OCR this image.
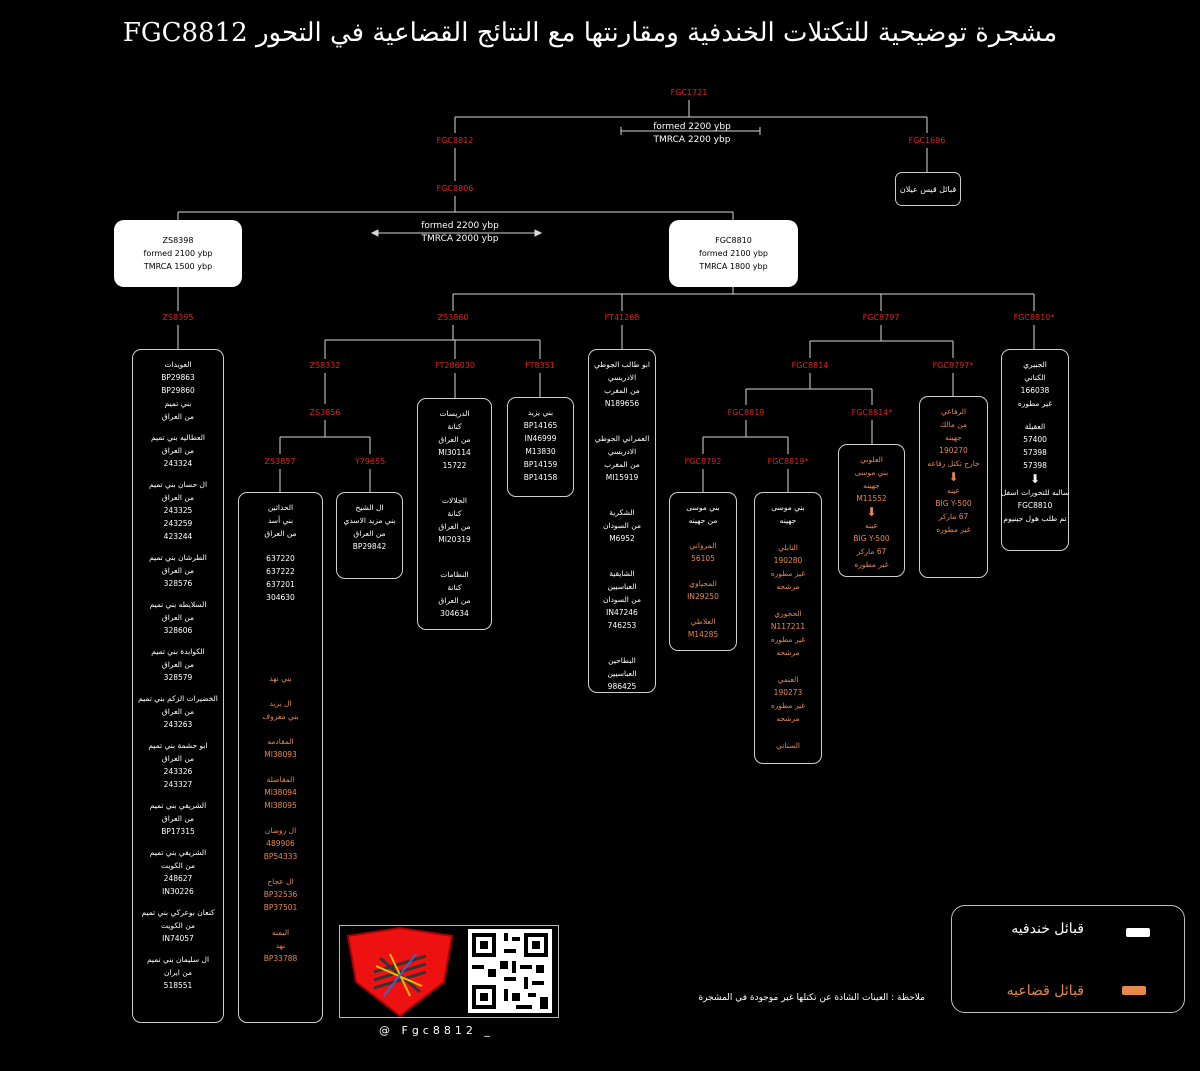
مشجرة توضيحية للتكتلات الخندفية ومقارنتها مع النتائج القضاعية في التحور FGC8812
FGC1721
FGC8812	FGC1696
FGC8806
ZS8395	ZS3860	FT41268	FGC8797	FGC8810*
ZS8332	FT286030	FT8351
ZS3856
ZS3857	Y79655
FGC8814	FGC8797*
FGC8819	FGC8814*
FGC8792	FGC8819*
formed 2200 ybp
TMRCA 2200 ybp
formed 2200 ybp
TMRCA 2000 ybp
قبائل قيس عيلان
ZS8398
formed 2100 ybp
TMRCA 1500 ybp
FGC8810
formed 2100 ybp
TMRCA 1800 ybp
العويدات
BP29863
BP29860
بني تميم
من العراق
العطاليه بني تميم
من العراق
243324
ال حسان بني تميم
من العراق
243325
243259
423244
الطرشان بني تميم
من العراق
328576
السلايطه بني تميم
من العراق
328606
الكوابدة بني تميم
من العراق
328579
الخضيرات الزكم بني تميم
من العراق
243263
ابو حشمة بني تميم
من العراق
243326
243327
الشريفي بني تميم
من العراق
BP17315
الشريفي بني تميم
من الكويت
248627
IN30226
كنعان بوعركي بني تميم
من الكويت
IN74057
ال سليمان بني تميم
من ايران
518551
الحداثين
بني أسد
من العراق
637220
637222
637201
304630
بني نهد
ال يزيد
بني معروف
المقادمه
MI38093
المقاصلة
MI38094
MI38095
ال روضان
489906
BP54333
ال عجاج
BP32536
BP37501
اليمنه
نهد
BP33788
ال الشيخ
بني مزيد الاسدي
من العراق
BP29842
الدريسات
كنانة
من العراق
MI30114
15722
الجلالات
كنانة
من العراق
MI20319
النظامات
كنانة
من العراق
304634
بني يزيد
BP14165
IN46999
M13830
BP14159
BP14158
ابو طالب الجوطي
الادريسي
من المغرب
N189656
العمراني الجوطي
الادريسي
من المغرب
MI15919
الشكرية
من السودان
M6952
الشايقية
العباسيين
من السودان
IN47246
746253
البطاحين
العباسيين
986425
بني موسى
من جهينه
المرواني
56105
المحياوي
IN29250
العلاطي
M14285
بني موسى
جهينه
النايلي
190280
غير مطوره
مرشحه
الحجوري
N117211
غير مطوره
مرشحه
العنمي
190273
غير مطوره
مرشحه
السناني
العلوني
بني موسى
جهينه
M11552
⬇
عينه
BIG Y-500
67 ماركر
غير مطوره
الرفاعي
من مالك
جهينه
190270
خارج تكتل رفاعه
⬇
عينه
BIG Y-500
67 ماركر
غير مطوره
الجبيري
الكناني
166038
غير مطوره
العقيلة
57400
57398
57398
⬇
سالبه للتحورات اسفل
FGC8810
تم طلب هول جينيوم
@ Fgc8812 _
ملاحظة : العينات الشاذة عن تكتلها غير موجودة في المشجرة
قبائل خندفيه
قبائل قضاعيه
